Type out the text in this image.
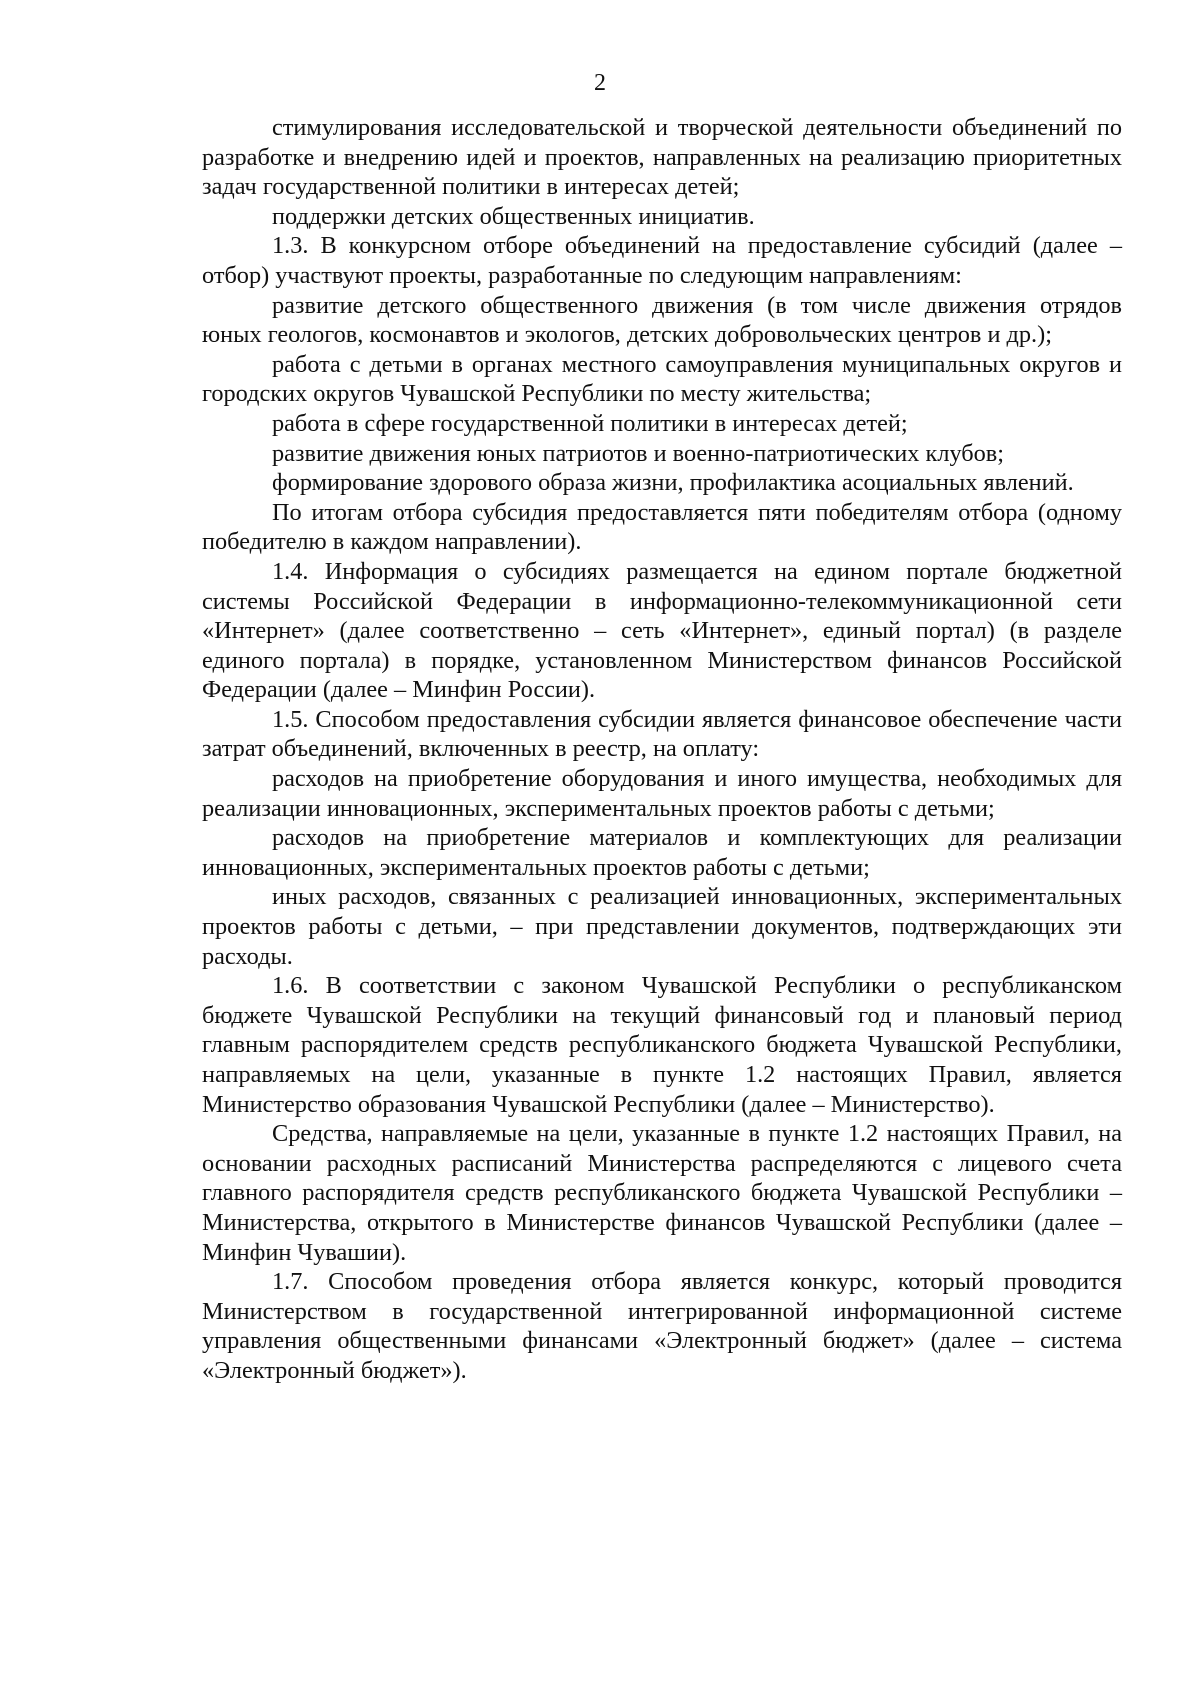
2

стимулирования исследовательской и творческой деятельности объединений по разработке и внедрению идей и проектов, направленных на реализацию приоритетных задач государственной политики в интересах детей;

поддержки детских общественных инициатив.

1.3. В конкурсном отборе объединений на предоставление субсидий (далее – отбор) участвуют проекты, разработанные по следующим направлениям:

развитие детского общественного движения (в том числе движения отрядов юных геологов, космонавтов и экологов, детских добровольческих центров и др.);

работа с детьми в органах местного самоуправления муниципальных округов и городских округов Чувашской Республики по месту жительства;

работа в сфере государственной политики в интересах детей;

развитие движения юных патриотов и военно-патриотических клубов;

формирование здорового образа жизни, профилактика асоциальных явлений.

По итогам отбора субсидия предоставляется пяти победителям отбора (одному победителю в каждом направлении).

1.4. Информация о субсидиях размещается на едином портале бюджетной системы Российской Федерации в информационно-телекоммуникационной сети «Интернет» (далее соответственно – сеть «Интернет», единый портал) (в разделе единого портала) в порядке, установленном Министерством финансов Российской Федерации (далее – Минфин России).

1.5. Способом предоставления субсидии является финансовое обеспечение части затрат объединений, включенных в реестр, на оплату:

расходов на приобретение оборудования и иного имущества, необходимых для реализации инновационных, экспериментальных проектов работы с детьми;

расходов на приобретение материалов и комплектующих для реализации инновационных, экспериментальных проектов работы с детьми;

иных расходов, связанных с реализацией инновационных, экспериментальных проектов работы с детьми, – при представлении документов, подтверждающих эти расходы.

1.6. В соответствии с законом Чувашской Республики о республиканском бюджете Чувашской Республики на текущий финансовый год и плановый период главным распорядителем средств республиканского бюджета Чувашской Республики, направляемых на цели, указанные в пункте 1.2 настоящих Правил, является Министерство образования Чувашской Республики (далее – Министерство).

Средства, направляемые на цели, указанные в пункте 1.2 настоящих Правил, на основании расходных расписаний Министерства распределяются с лицевого счета главного распорядителя средств республиканского бюджета Чувашской Республики – Министерства, открытого в Министерстве финансов Чувашской Республики (далее – Минфин Чувашии).

1.7. Способом проведения отбора является конкурс, который проводится Министерством в государственной интегрированной информационной системе управления общественными финансами «Электронный бюджет» (далее – система «Электронный бюджет»).
